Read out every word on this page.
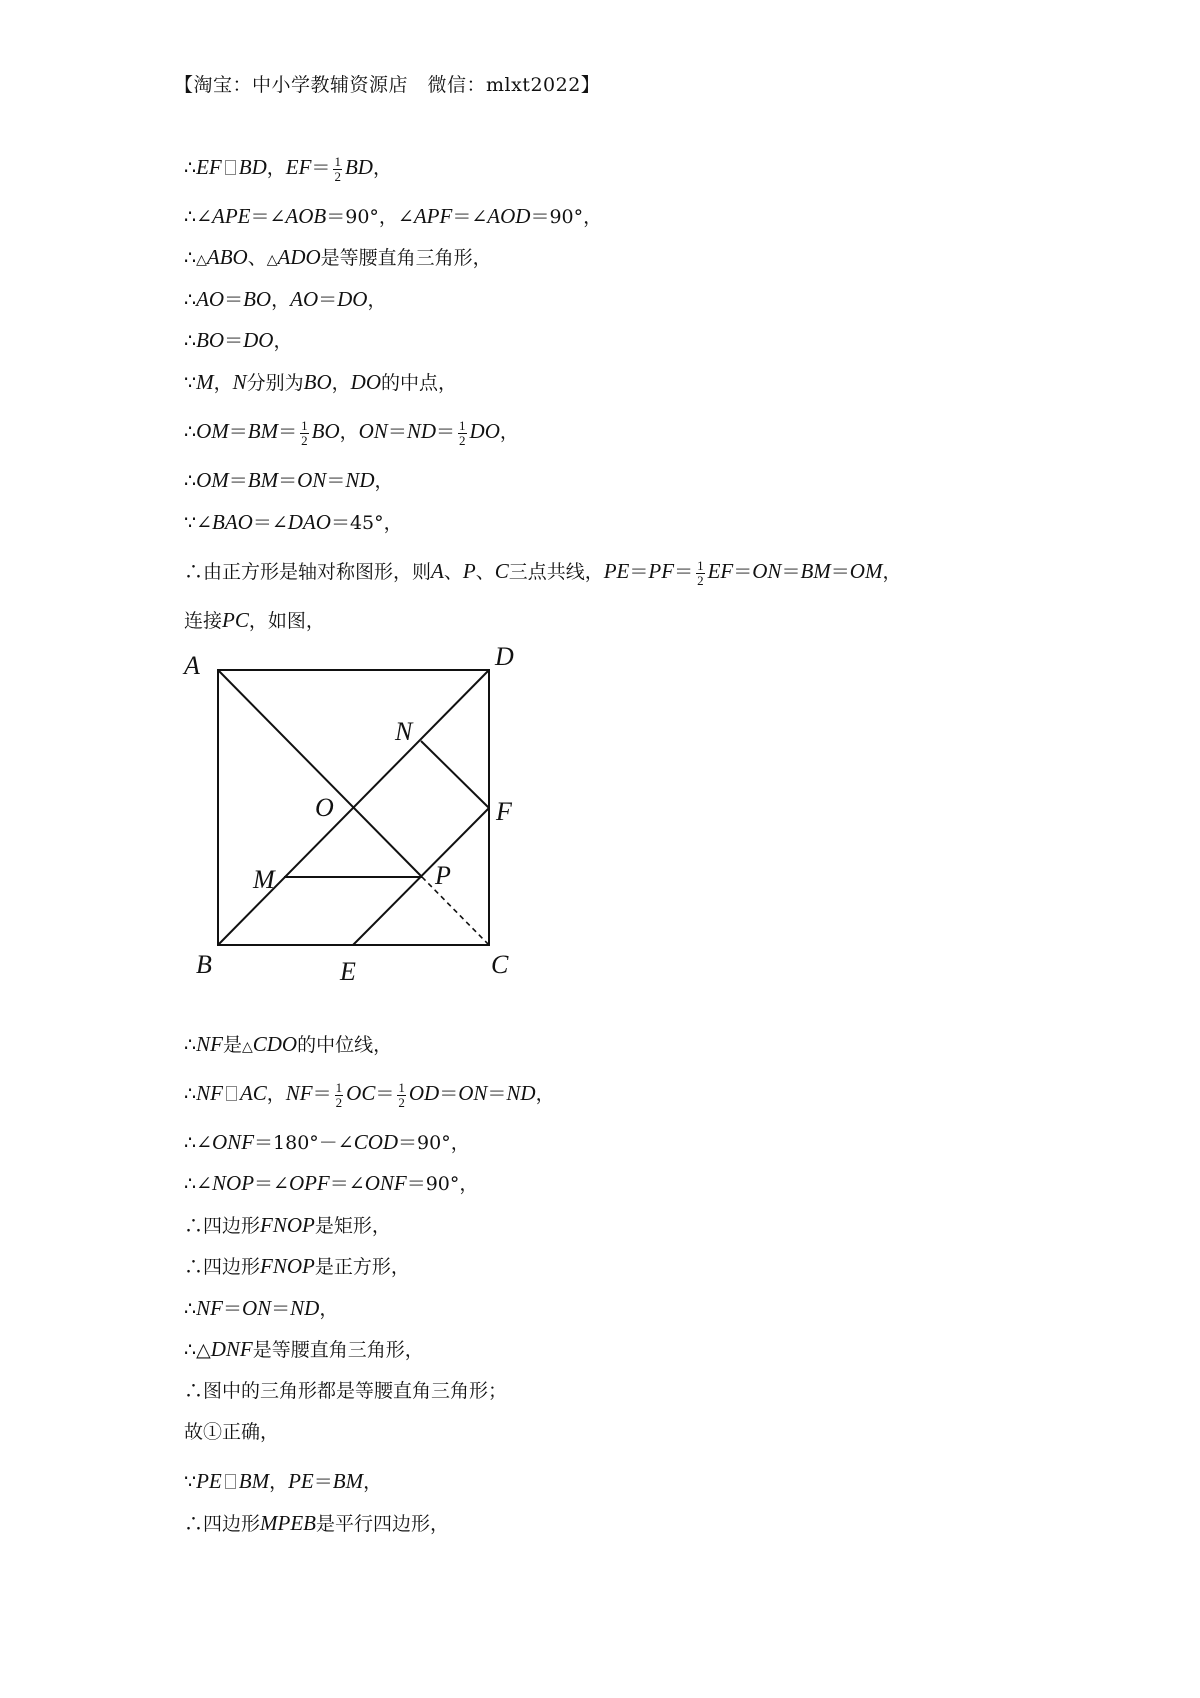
【淘宝：中小学教辅资源店　微信：mlxt2022】
∴EF BD，$EF= \frac{1}{2}$ BD，
∴∠APE＝∠AOB＝90°，∠APF＝∠AOD＝90°，
∴△ABO、△ADO是等腰直角三角形，
∴AO＝BO，AO＝DO，
∴BO＝DO，
∵M，N分别为BO，DO的中点，
∴OM＝BM＝ $\frac{1}{2}$ BO，$ON=ND= \frac{1}{2}$ DO，
∴OM＝BM＝ON＝ND，
∵∠BAO＝∠DAO＝45°，
∴由正方形是轴对称图形，则A、P、C三点共线，$PE=PF= \frac{1}{2} EF=ON=BM=OM$，
连接PC，如图，
A	D
B	C
O
M
N
P
E
F
∴NF是△CDO的中位线，
∴NF AC，$NF= \frac{1}{2} OC= \frac{1}{2} OD=ON=ND$，
∴∠ONF＝180°－∠COD＝90°，
∴∠NOP＝∠OPF＝∠ONF＝90°，
∴四边形FNOP是矩形，
∴四边形FNOP是正方形，
∴NF＝ON＝ND，
∴△DNF是等腰直角三角形，
∴图中的三角形都是等腰直角三角形；
故①正确，
∵PE BM，PE＝BM，
∴四边形MPEB是平行四边形，
